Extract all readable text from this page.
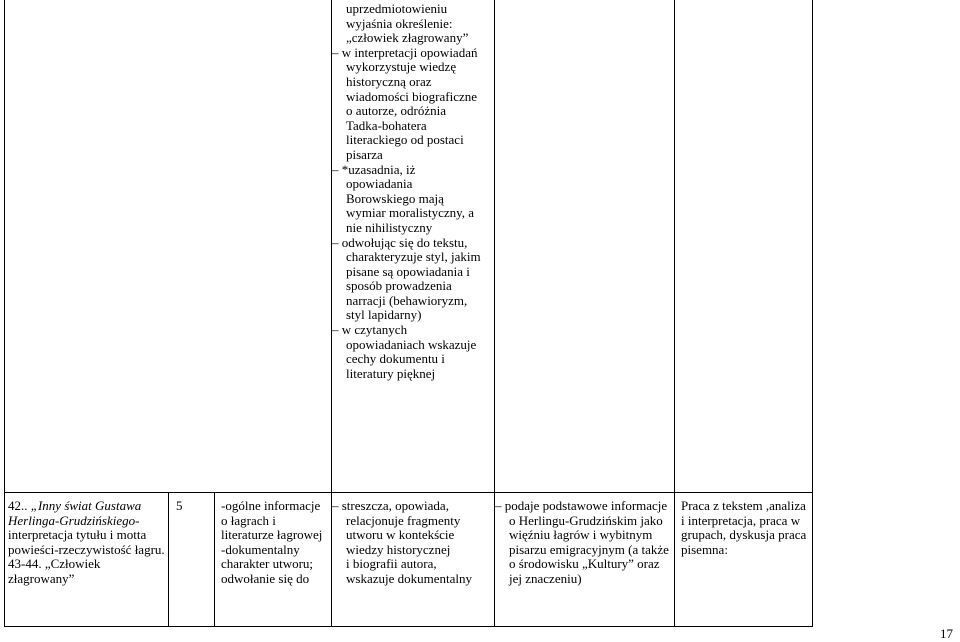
uprzedmiotowieniu
wyjaśnia określenie:
„człowiek złagrowany”
– w interpretacji opowiadań
wykorzystuje wiedzę
historyczną oraz
wiadomości biograficzne
o autorze, odróżnia
Tadka-bohatera
literackiego od postaci
pisarza
– *uzasadnia, iż
opowiadania
Borowskiego mają
wymiar moralistyczny, a
nie nihilistyczny
– odwołując się do tekstu,
charakteryzuje styl, jakim
pisane są opowiadania i
sposób prowadzenia
narracji (behawioryzm,
styl lapidarny)
– w czytanych
opowiadaniach wskazuje
cechy dokumentu i
literatury pięknej
42.. „Inny świat Gustawa Herlinga-Grudzińskiego- interpretacja tytułu i motta powieści-rzeczywistość łagru. 43-44. „Człowiek złagrowany”
5	-ogólne informacje
o łagrach i
literaturze łagrowej
-dokumentalny
charakter utworu;
odwołanie się do
– streszcza, opowiada,
relacjonuje fragmenty
utworu w kontekście
wiedzy historycznej
i biografii autora,
wskazuje dokumentalny
– podaje podstawowe informacje
o Herlingu-Grudzińskim jako
więźniu łagrów i wybitnym
pisarzu emigracyjnym (a także
o środowisku „Kultury” oraz
jej znaczeniu)
Praca z tekstem ,analiza
i interpretacja, praca w
grupach, dyskusja praca
pisemna:
17
